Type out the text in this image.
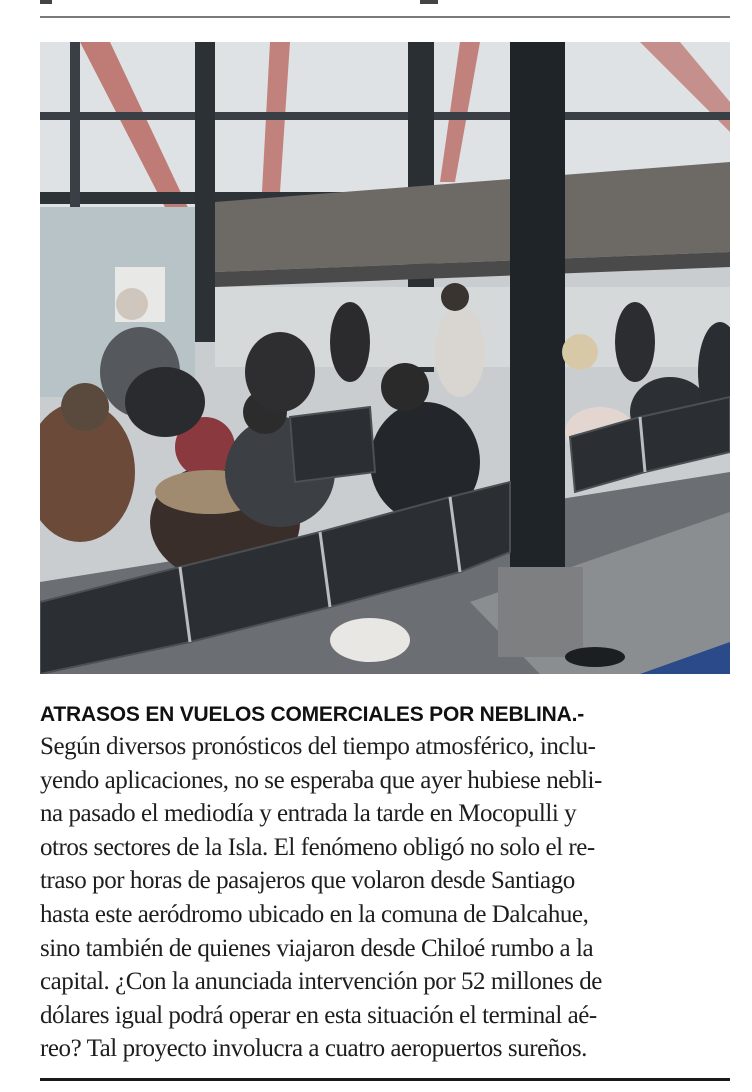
ATRASOS EN VUELOS COMERCIALES POR NEBLINA.-
Según diversos pronósticos del tiempo atmosférico, inclu-
yendo aplicaciones, no se esperaba que ayer hubiese nebli-
na pasado el mediodía y entrada la tarde en Mocopulli y
otros sectores de la Isla. El fenómeno obligó no solo el re-
traso por horas de pasajeros que volaron desde Santiago
hasta este aeródromo ubicado en la comuna de Dalcahue,
sino también de quienes viajaron desde Chiloé rumbo a la
capital. ¿Con la anunciada intervención por 52 millones de
dólares igual podrá operar en esta situación el terminal aé-
reo? Tal proyecto involucra a cuatro aeropuertos sureños.
